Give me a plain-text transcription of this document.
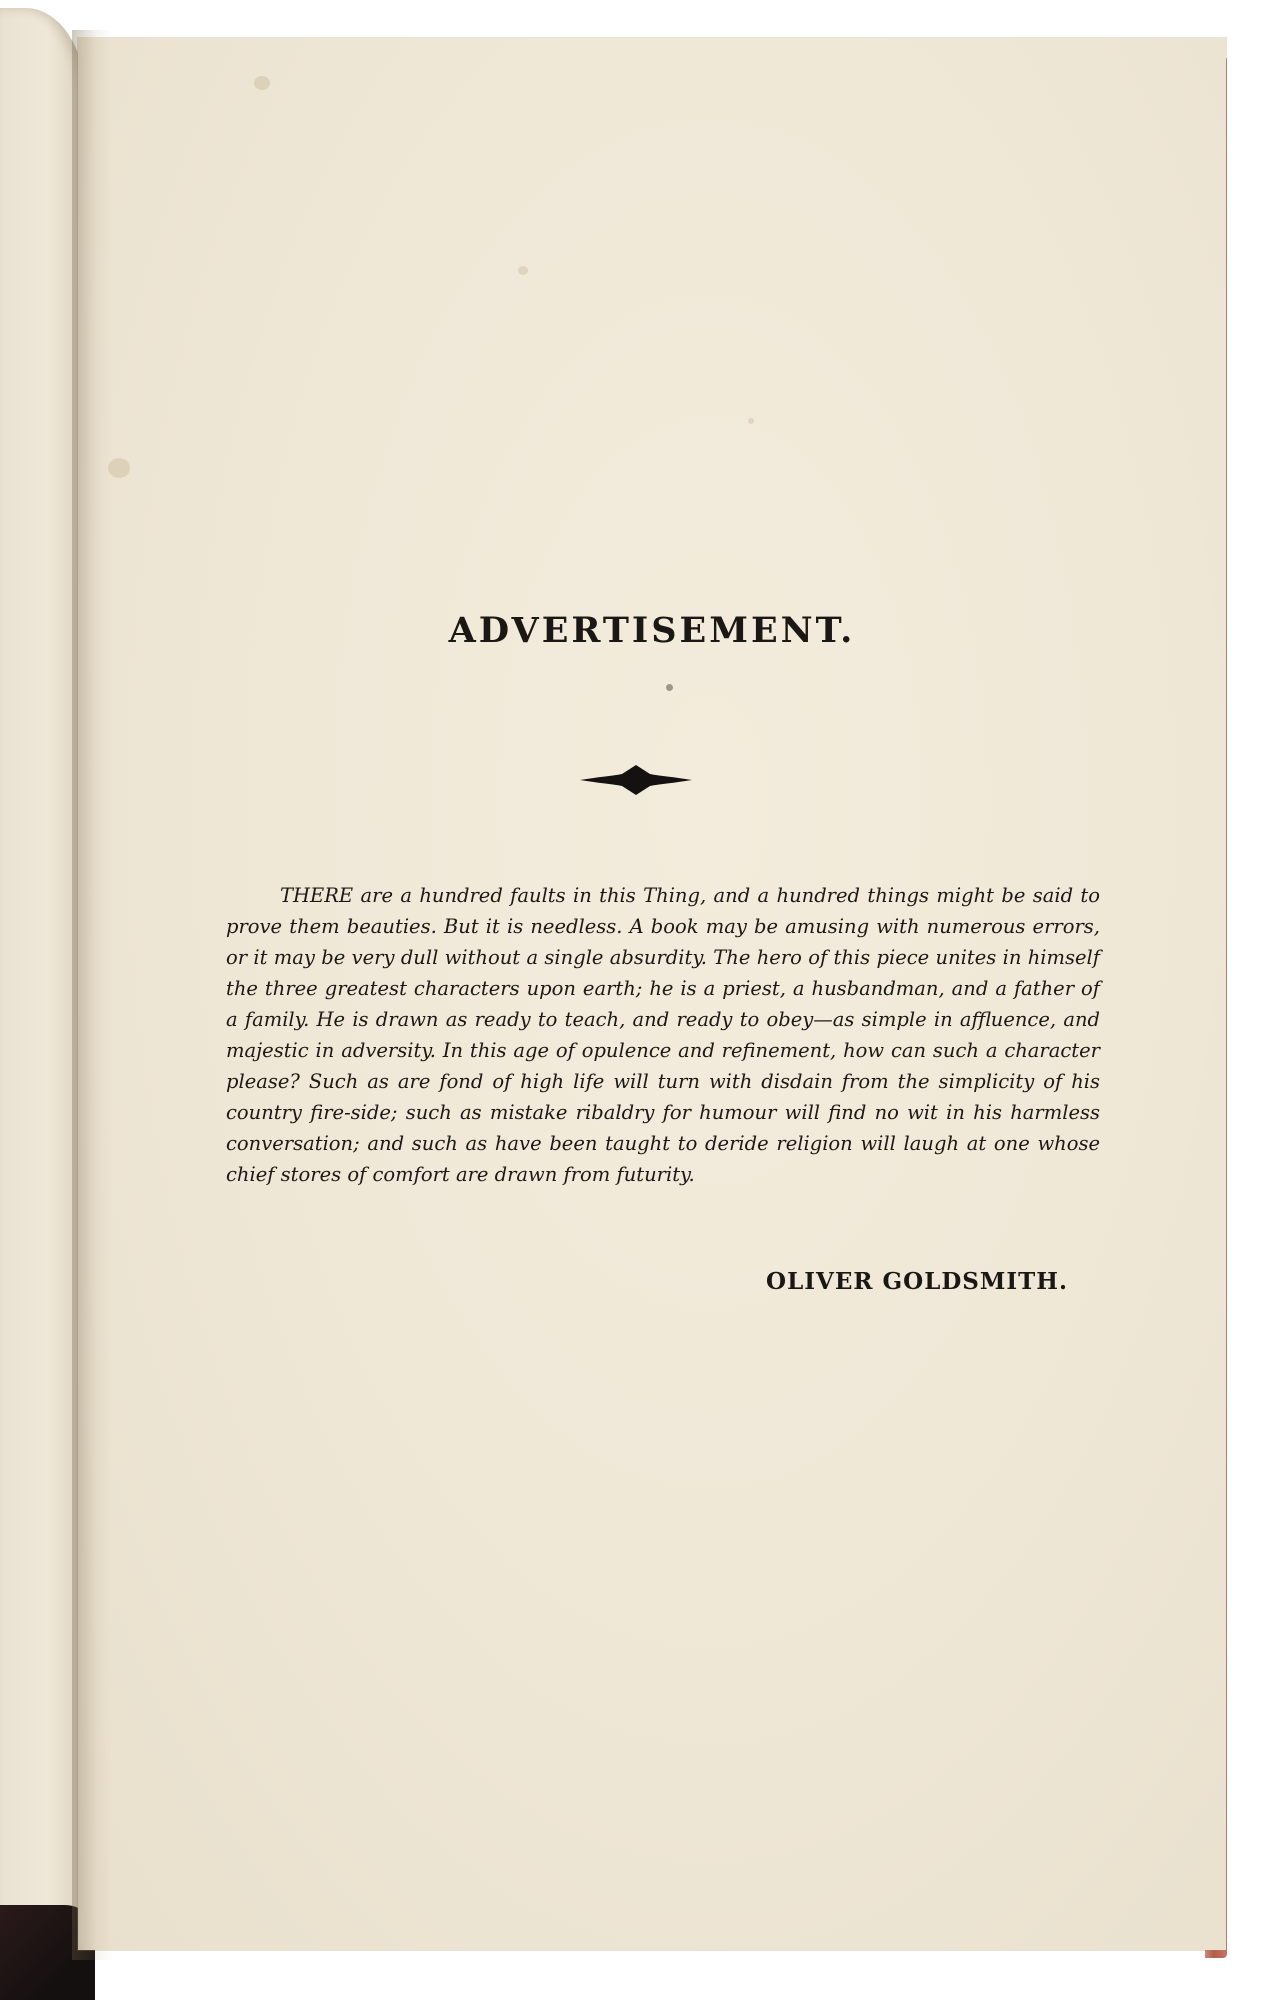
ADVERTISEMENT.

THERE are a hundred faults in this Thing, and a hundred things might be said to prove them beauties. But it is needless. A book may be amusing with numerous errors, or it may be very dull without a single absurdity. The hero of this piece unites in himself the three greatest characters upon earth; he is a priest, a husbandman, and a father of a family. He is drawn as ready to teach, and ready to obey—as simple in affluence, and majestic in adversity. In this age of opulence and refinement, how can such a character please? Such as are fond of high life will turn with disdain from the simplicity of his country fire-side; such as mistake ribaldry for humour will find no wit in his harmless conversation; and such as have been taught to deride religion will laugh at one whose chief stores of comfort are drawn from futurity.

OLIVER GOLDSMITH.
